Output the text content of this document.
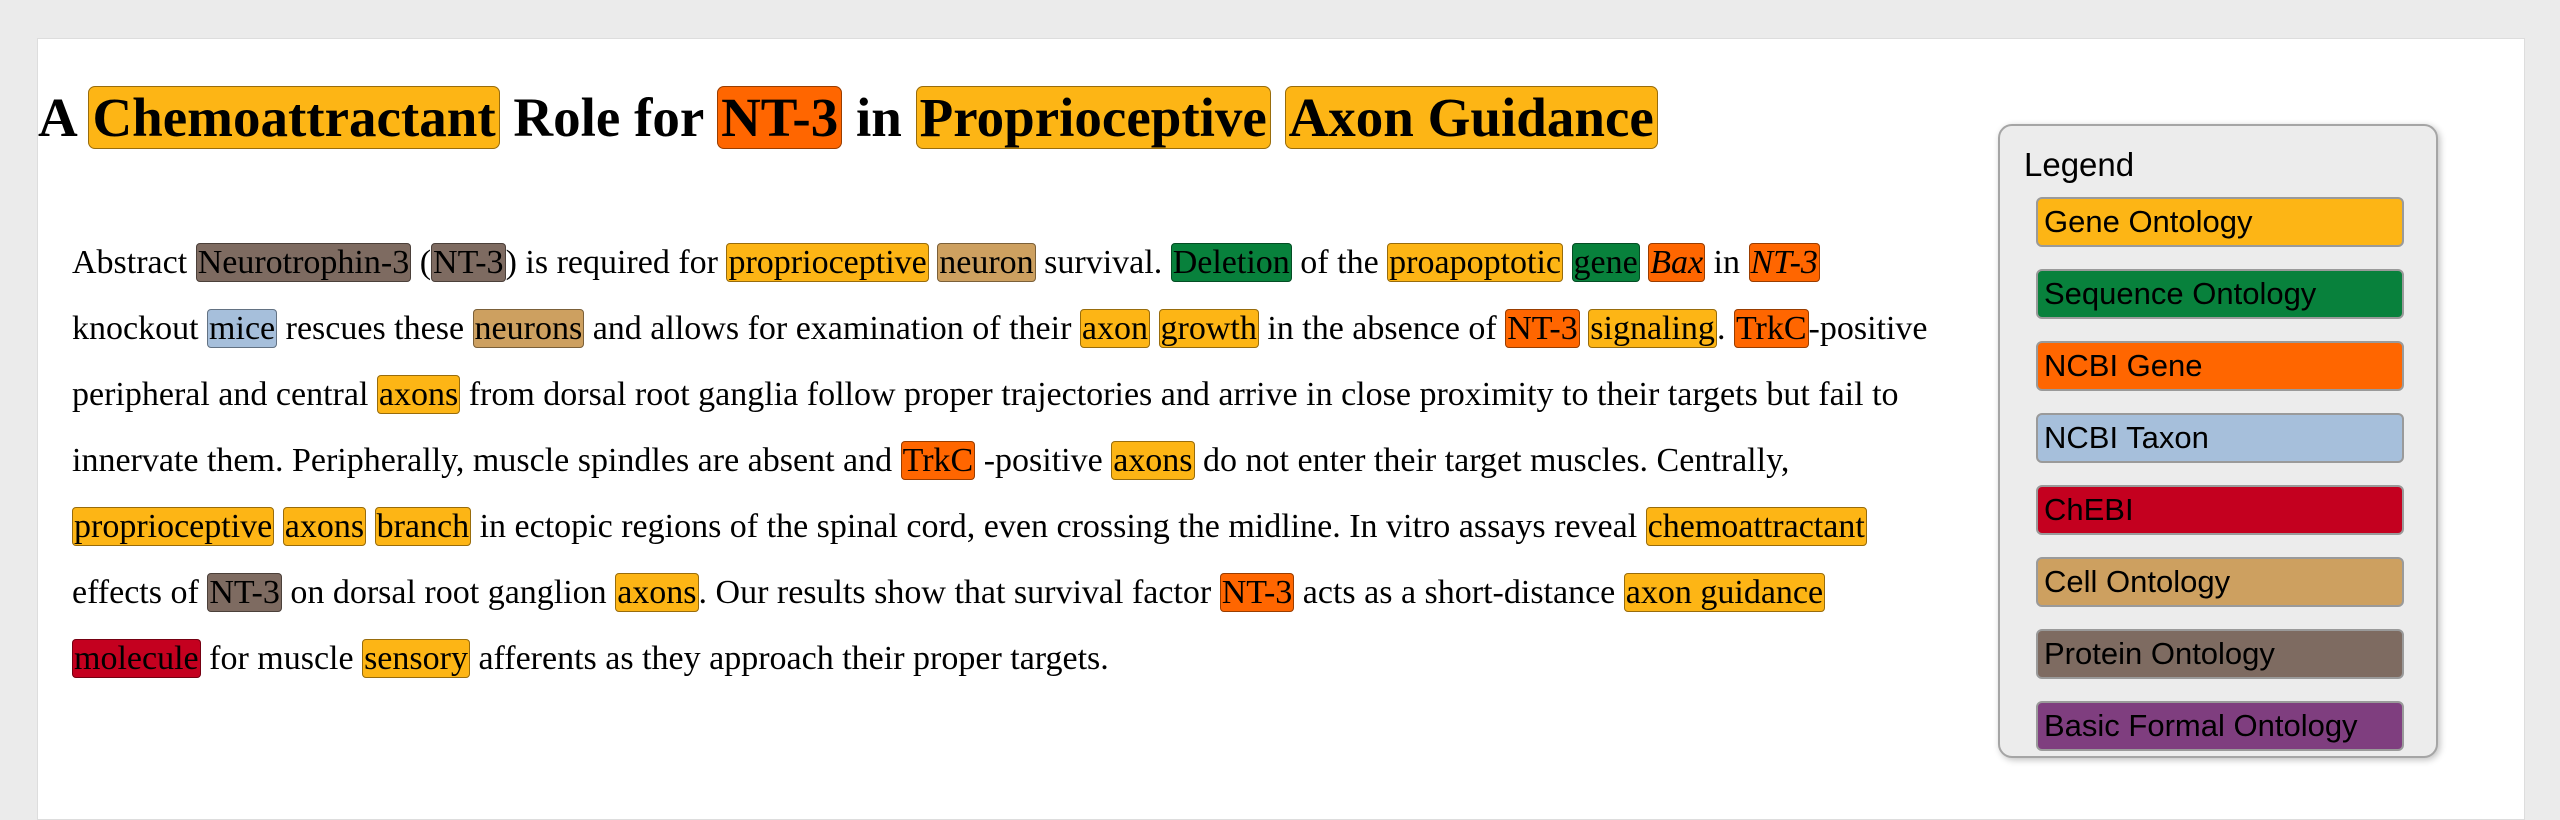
A Chemoattractant Role for NT-3 in Proprioceptive Axon Guidance

Abstract Neurotrophin-3 (NT-3) is required for proprioceptive neuron survival. Deletion of the proapoptotic gene Bax in NT-3 knockout mice rescues these neurons and allows for examination of their axon growth in the absence of NT-3 signaling. TrkC-positive peripheral and central axons from dorsal root ganglia follow proper trajectories and arrive in close proximity to their targets but fail to innervate them. Peripherally, muscle spindles are absent and TrkC -positive axons do not enter their target muscles. Centrally, proprioceptive axons branch in ectopic regions of the spinal cord, even crossing the midline. In vitro assays reveal chemoattractant effects of NT-3 on dorsal root ganglion axons. Our results show that survival factor NT-3 acts as a short-distance axon guidance molecule for muscle sensory afferents as they approach their proper targets.

Legend
Gene Ontology
Sequence Ontology
NCBI Gene
NCBI Taxon
ChEBI
Cell Ontology
Protein Ontology
Basic Formal Ontology
